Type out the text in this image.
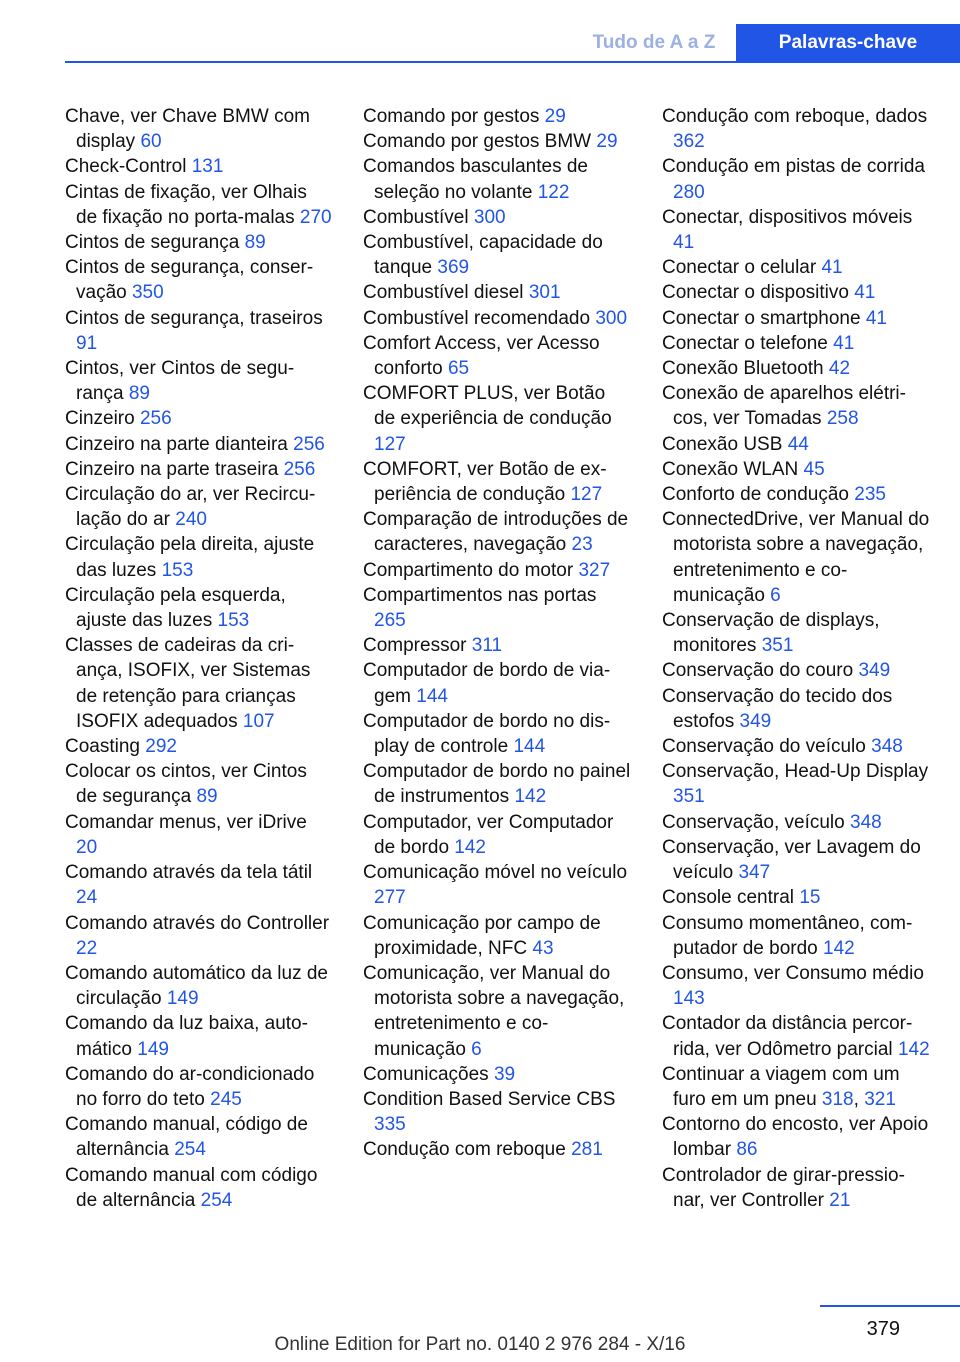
Tudo de A a Z	Palavras-chave

Chave, ver Chave BMW com display 60

Check-Control 131

Cintas de fixação, ver Olhais de fixação no porta-malas 270

Cintos de segurança 89

Cintos de segurança, conservação 350

Cintos de segurança, traseiros 91

Cintos, ver Cintos de segurança 89

Cinzeiro 256

Cinzeiro na parte dianteira 256

Cinzeiro na parte traseira 256

Circulação do ar, ver Recirculação do ar 240

Circulação pela direita, ajuste das luzes 153

Circulação pela esquerda, ajuste das luzes 153

Classes de cadeiras da criança, ISOFIX, ver Sistemas de retenção para crianças ISOFIX adequados 107

Coasting 292

Colocar os cintos, ver Cintos de segurança 89

Comandar menus, ver iDrive 20

Comando através da tela tátil 24

Comando através do Controller 22

Comando automático da luz de circulação 149

Comando da luz baixa, automático 149

Comando do ar-condicionado no forro do teto 245

Comando manual, código de alternância 254

Comando manual com código de alternância 254

Comando por gestos 29

Comando por gestos BMW 29

Comandos basculantes de seleção no volante 122

Combustível 300

Combustível, capacidade do tanque 369

Combustível diesel 301

Combustível recomendado 300

Comfort Access, ver Acesso conforto 65

COMFORT PLUS, ver Botão de experiência de condução 127

COMFORT, ver Botão de experiência de condução 127

Comparação de introduções de caracteres, navegação 23

Compartimento do motor 327

Compartimentos nas portas 265

Compressor 311

Computador de bordo de viagem 144

Computador de bordo no display de controle 144

Computador de bordo no painel de instrumentos 142

Computador, ver Computador de bordo 142

Comunicação móvel no veículo 277

Comunicação por campo de proximidade, NFC 43

Comunicação, ver Manual do motorista sobre a navegação, entretenimento e comunicação 6

Comunicações 39

Condition Based Service CBS 335

Condução com reboque 281

Condução com reboque, dados 362

Condução em pistas de corrida 280

Conectar, dispositivos móveis 41

Conectar o celular 41

Conectar o dispositivo 41

Conectar o smartphone 41

Conectar o telefone 41

Conexão Bluetooth 42

Conexão de aparelhos elétricos, ver Tomadas 258

Conexão USB 44

Conexão WLAN 45

Conforto de condução 235

ConnectedDrive, ver Manual do motorista sobre a navegação, entretenimento e comunicação 6

Conservação de displays, monitores 351

Conservação do couro 349

Conservação do tecido dos estofos 349

Conservação do veículo 348

Conservação, Head-Up Display 351

Conservação, veículo 348

Conservação, ver Lavagem do veículo 347

Console central 15

Consumo momentâneo, computador de bordo 142

Consumo, ver Consumo médio 143

Contador da distância percorrida, ver Odômetro parcial 142

Continuar a viagem com um furo em um pneu 318, 321

Contorno do encosto, ver Apoio lombar 86

Controlador de girar-pressionar, ver Controller 21

379
Online Edition for Part no. 0140 2 976 284 - X/16
